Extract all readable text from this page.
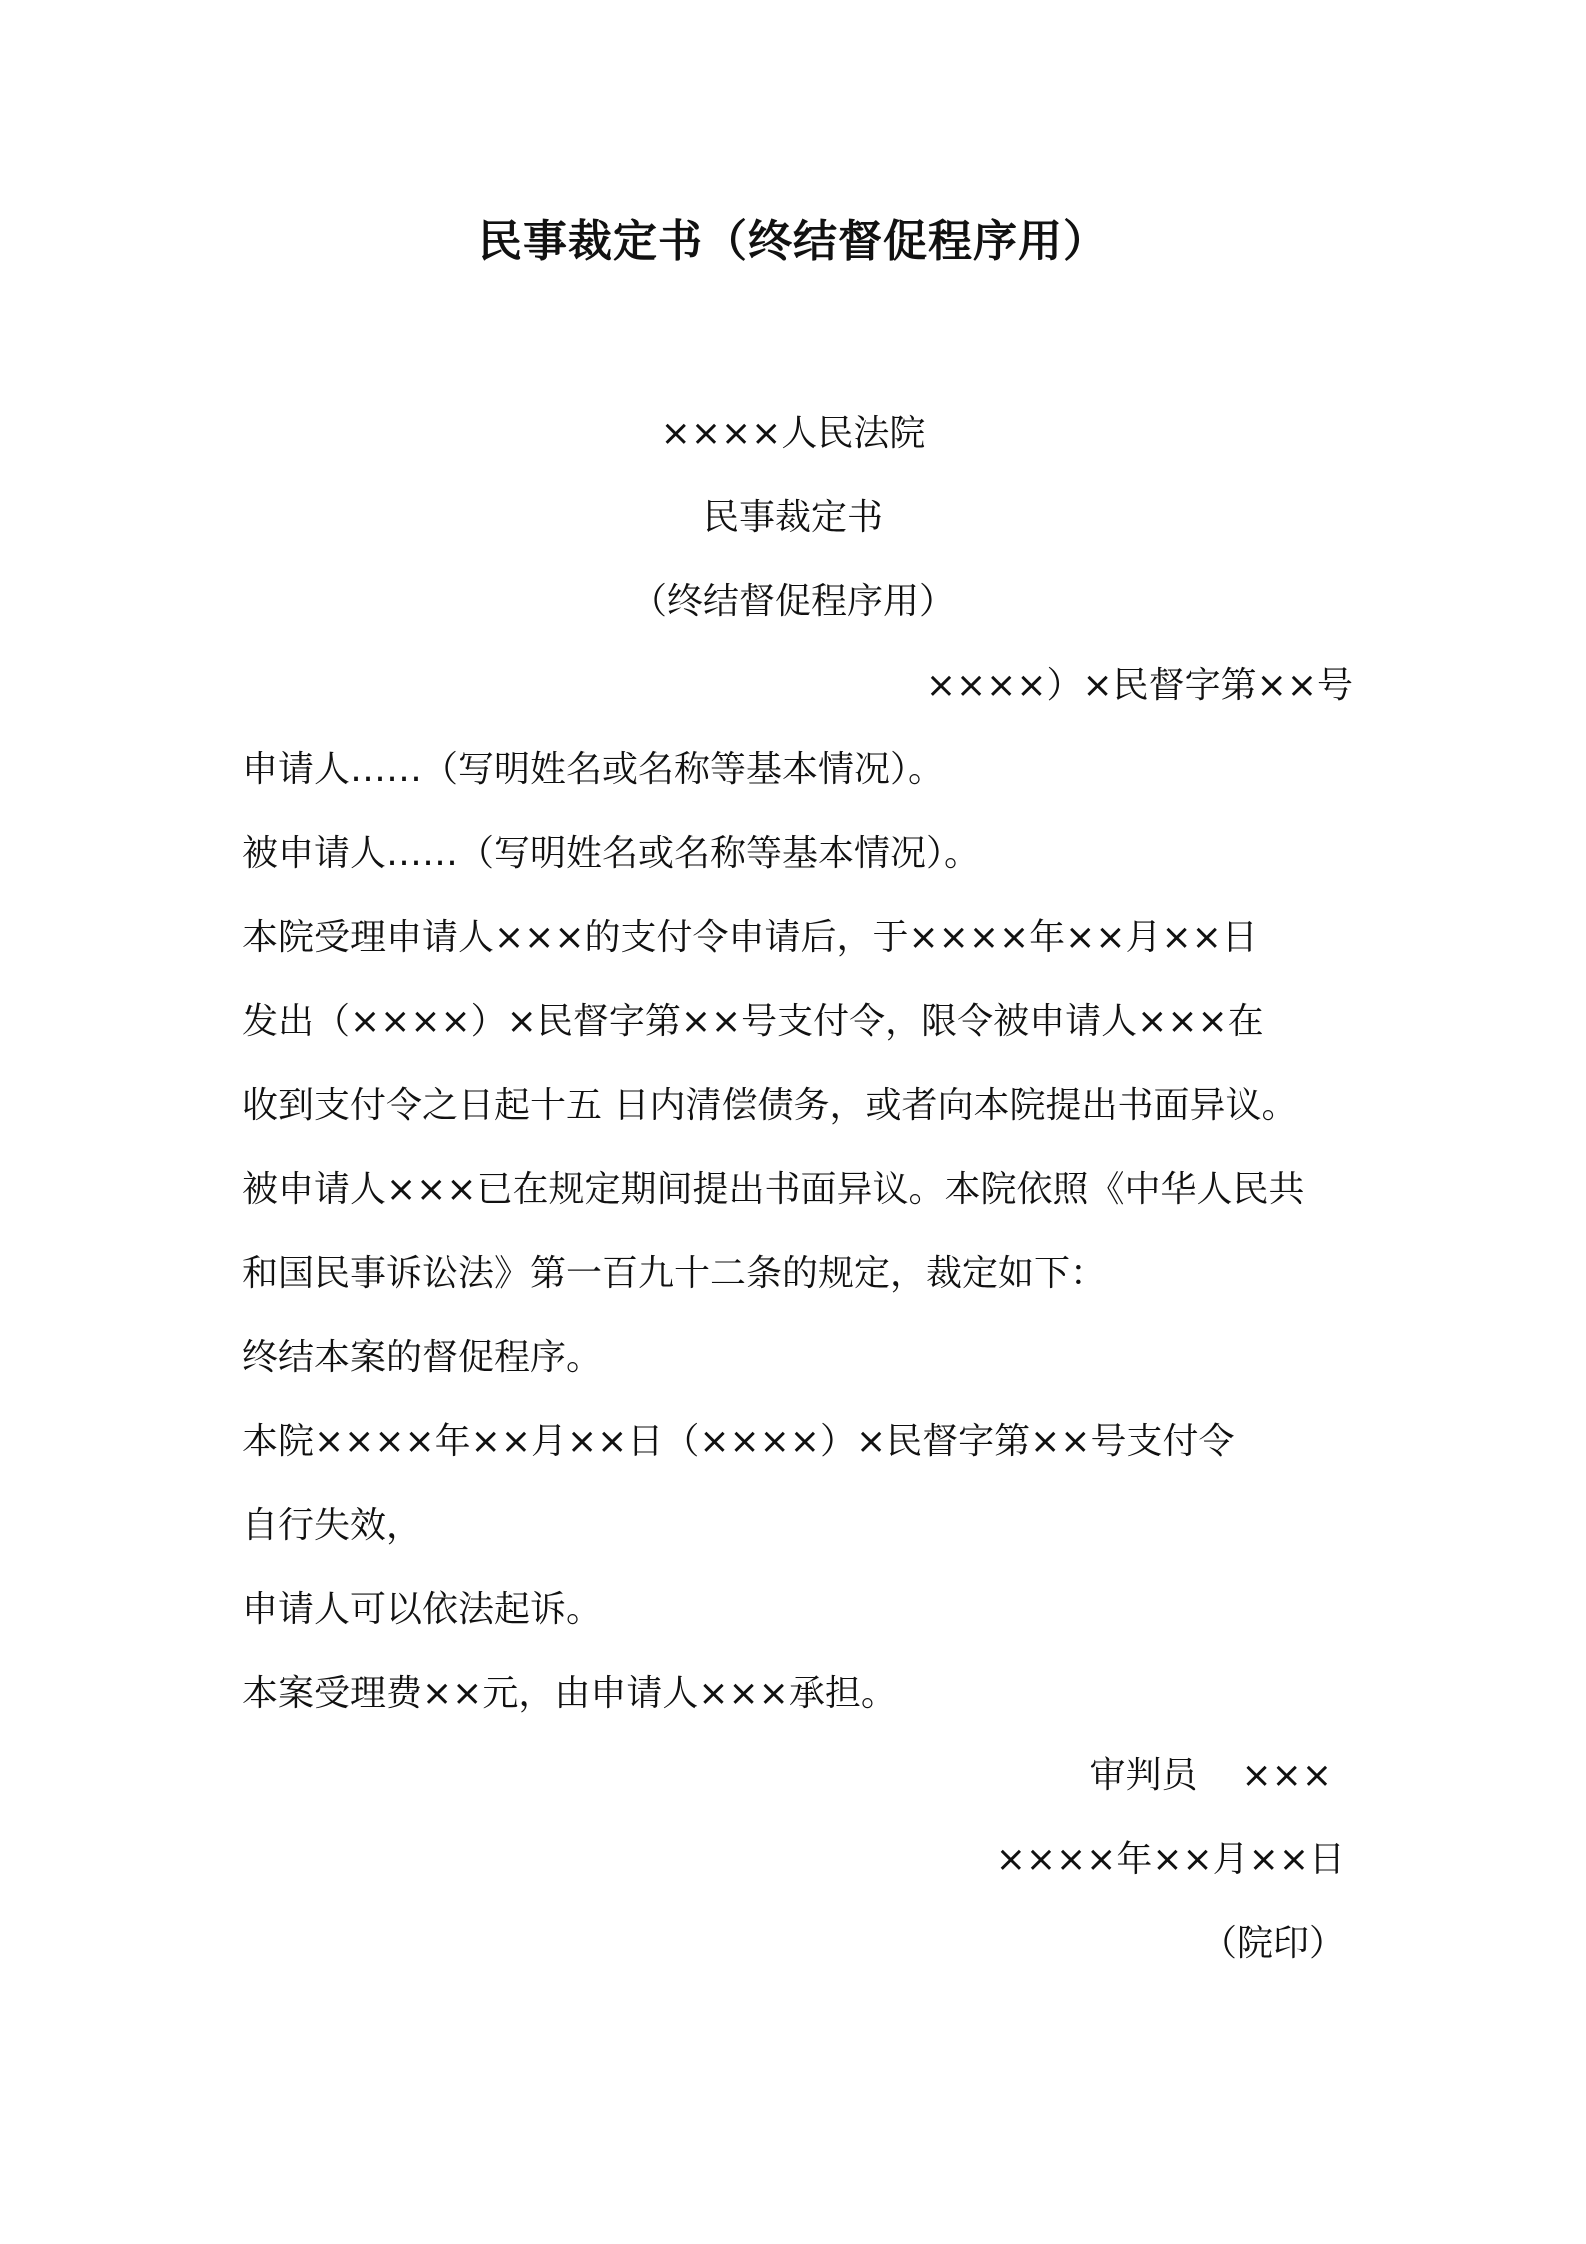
民事裁定书（终结督促程序用）
××××人民法院
民事裁定书
（终结督促程序用）
××××）×民督字第××号
申请人……（写明姓名或名称等基本情况）。
被申请人……（写明姓名或名称等基本情况）。
本院受理申请人×××的支付令申请后，于××××年××月××日
发出（××××）×民督字第××号支付令，限令被申请人×××在
收到支付令之日起十五 日内清偿债务，或者向本院提出书面异议。
被申请人×××已在规定期间提出书面异议。本院依照《中华人民共
和国民事诉讼法》第一百九十二条的规定，裁定如下：
终结本案的督促程序。
本院××××年××月××日（××××）×民督字第××号支付令
自行失效，
申请人可以依法起诉。
本案受理费××元，由申请人×××承担。
审判员 ×××
××××年××月××日
（院印）
